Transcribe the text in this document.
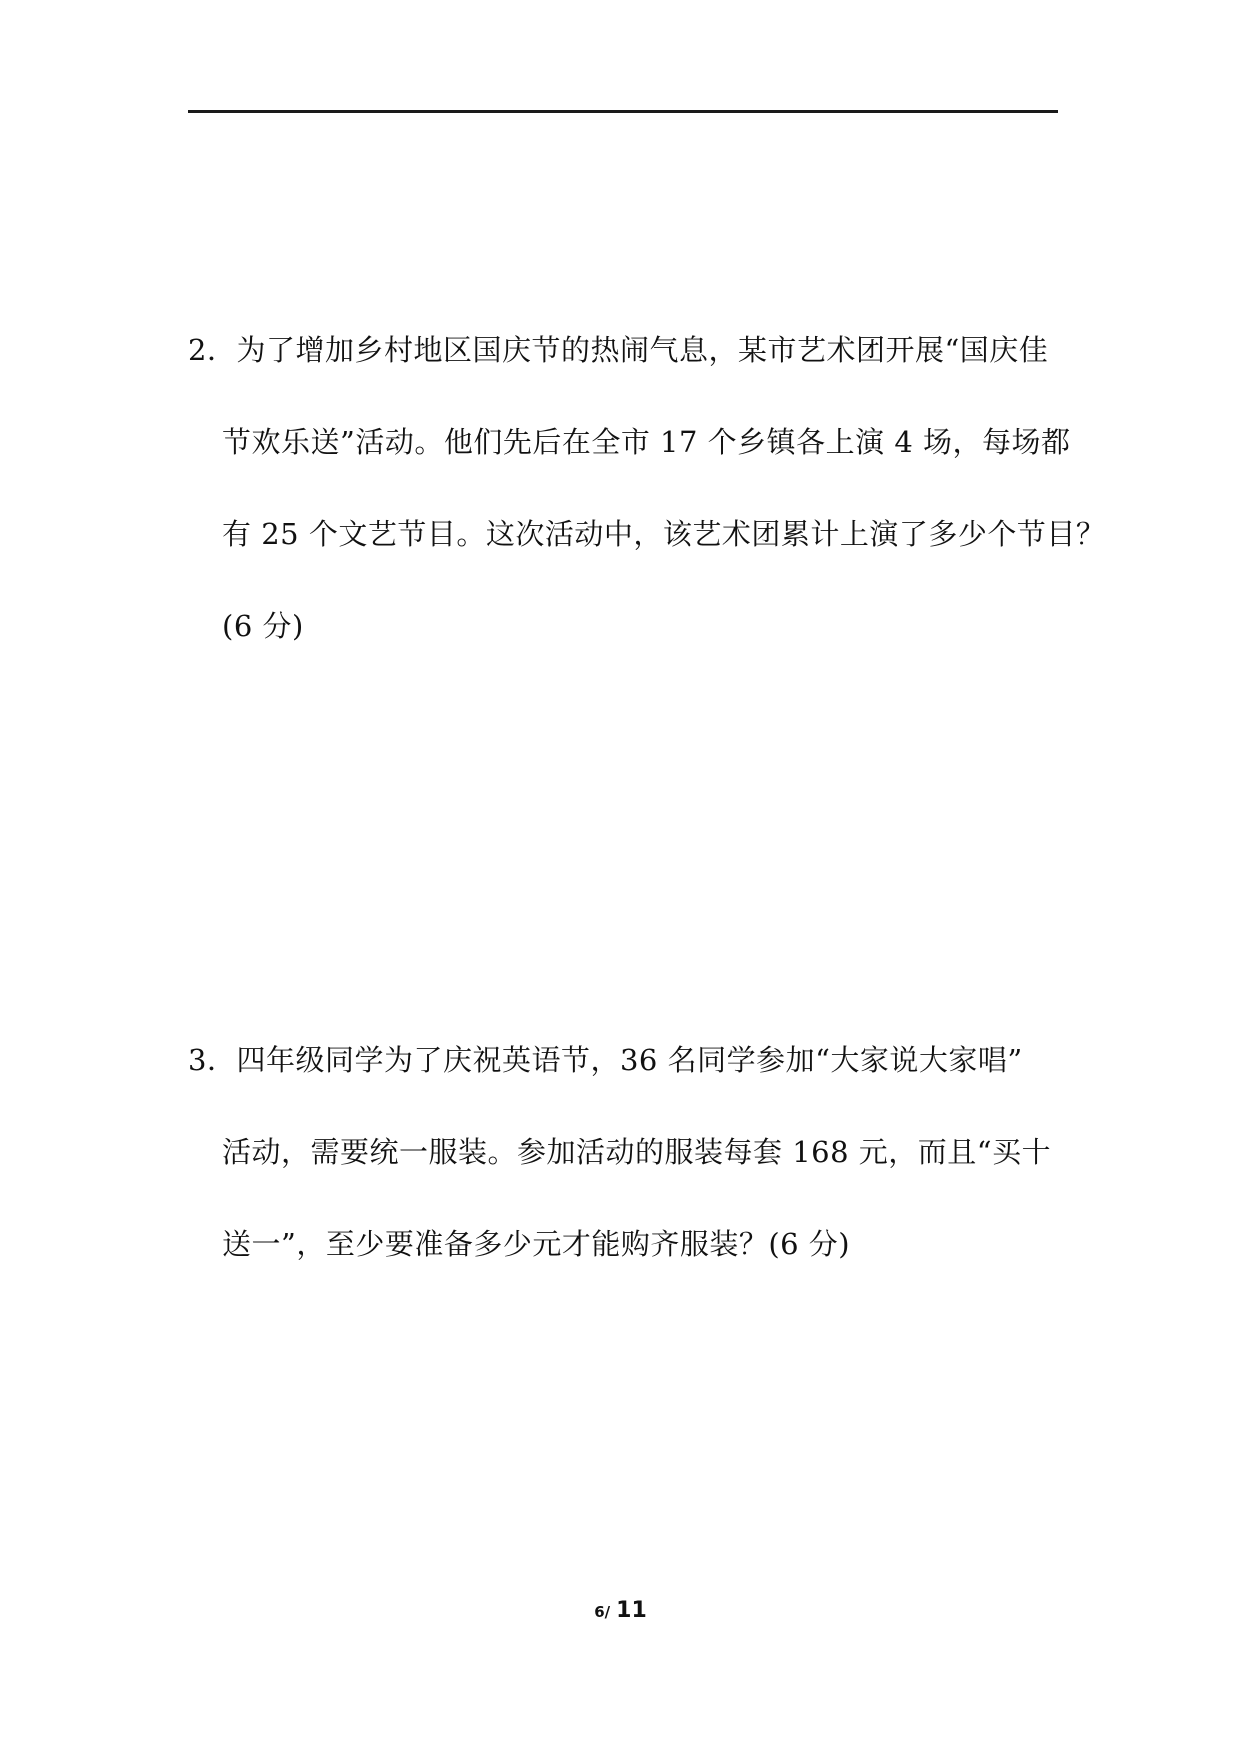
2．为了增加乡村地区国庆节的热闹气息，某市艺术团开展“国庆佳
节欢乐送”活动。他们先后在全市 17 个乡镇各上演 4 场，每场都
有 25 个文艺节目。这次活动中，该艺术团累计上演了多少个节目？
(6 分)
3．四年级同学为了庆祝英语节，36 名同学参加“大家说大家唱”
活动，需要统一服装。参加活动的服装每套 168 元，而且“买十
送一”，至少要准备多少元才能购齐服装？(6 分)
6/ 11
